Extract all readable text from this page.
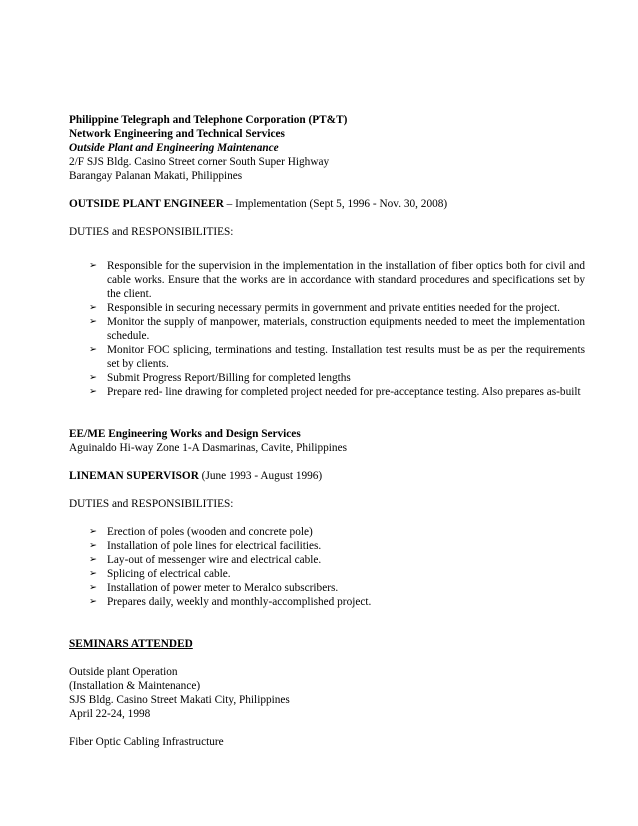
Philippine Telegraph and Telephone Corporation (PT&T)
Network Engineering and Technical Services
Outside Plant and Engineering Maintenance
2/F SJS Bldg. Casino Street corner South Super Highway
Barangay Palanan Makati, Philippines
OUTSIDE PLANT ENGINEER – Implementation (Sept 5, 1996 - Nov. 30, 2008)
DUTIES and RESPONSIBILITIES:
➢ Responsible for the supervision in the implementation in the installation of fiber optics both for civil and cable works. Ensure that the works are in accordance with standard procedures and specifications set by the client.
➢ Responsible in securing necessary permits in government and private entities needed for the project.
➢ Monitor the supply of manpower, materials, construction equipments needed to meet the implementation schedule.
➢ Monitor FOC splicing, terminations and testing. Installation test results must be as per the requirements set by clients.
➢ Submit Progress Report/Billing for completed lengths
➢ Prepare red- line drawing for completed project needed for pre-acceptance testing. Also prepares as-built
EE/ME Engineering Works and Design Services
Aguinaldo Hi-way Zone 1-A Dasmarinas, Cavite, Philippines
LINEMAN SUPERVISOR (June 1993 - August 1996)
DUTIES and RESPONSIBILITIES:
➢ Erection of poles (wooden and concrete pole)
➢ Installation of pole lines for electrical facilities.
➢ Lay-out of messenger wire and electrical cable.
➢ Splicing of electrical cable.
➢ Installation of power meter to Meralco subscribers.
➢ Prepares daily, weekly and monthly-accomplished project.
SEMINARS ATTENDED
Outside plant Operation
(Installation & Maintenance)
SJS Bldg. Casino Street Makati City, Philippines
April 22-24, 1998
Fiber Optic Cabling Infrastructure
